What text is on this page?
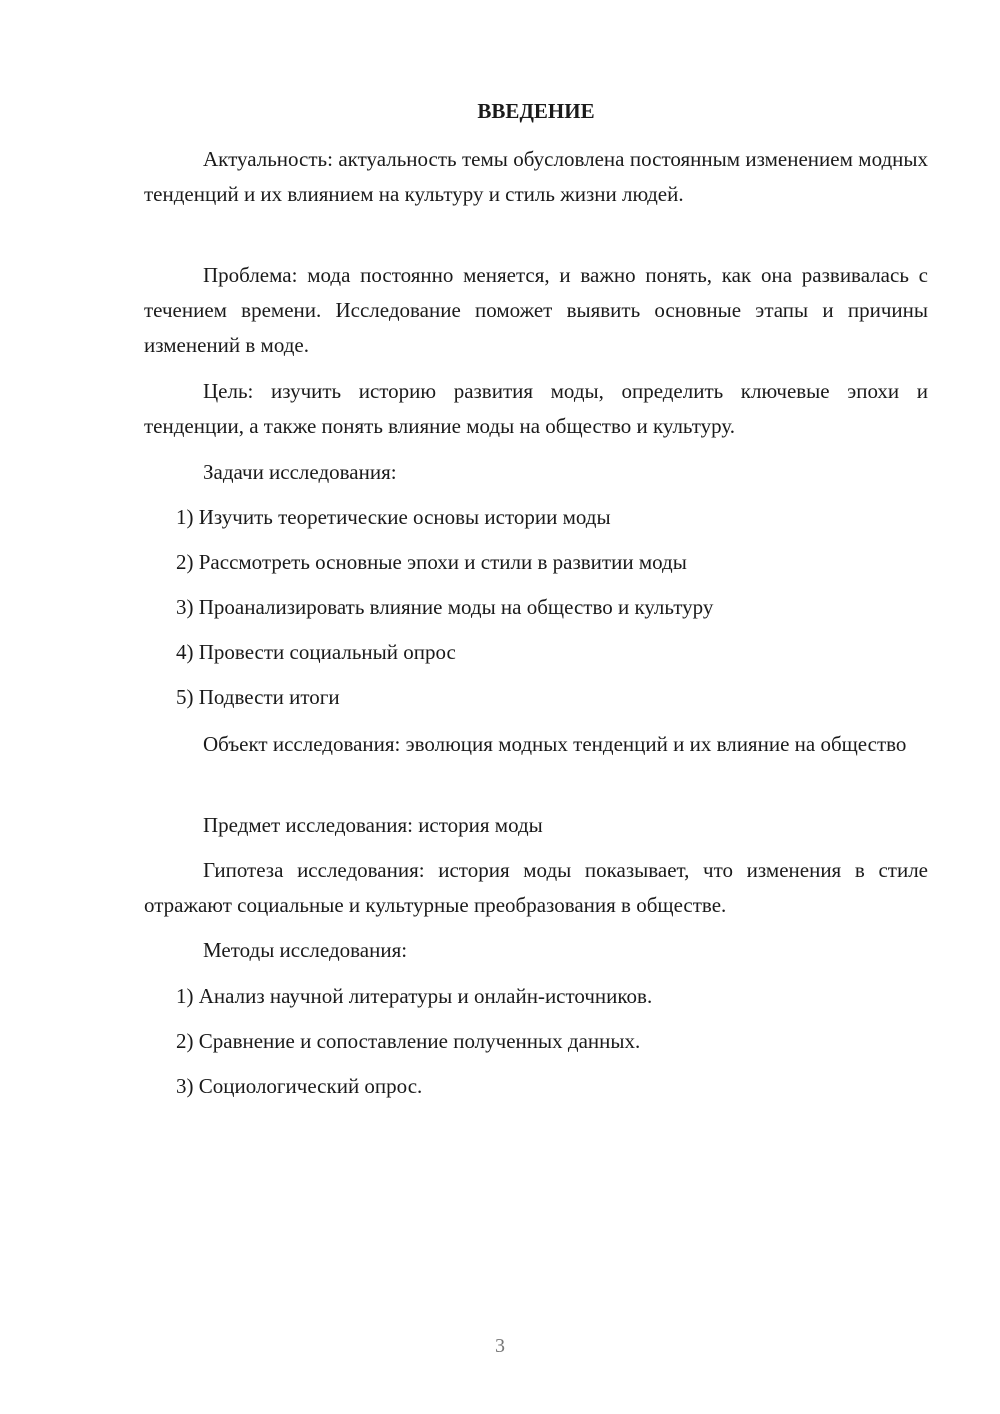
ВВЕДЕНИЕ

Актуальность: актуальность темы обусловлена постоянным изменением модных тенденций и их влиянием на культуру и стиль жизни людей.

Проблема: мода постоянно меняется, и важно понять, как она развивалась с течением времени. Исследование поможет выявить основные этапы и причины изменений в моде.

Цель: изучить историю развития моды, определить ключевые эпохи и тенденции, а также понять влияние моды на общество и культуру.

Задачи исследования:

1) Изучить теоретические основы истории моды

2) Рассмотреть основные эпохи и стили в развитии моды

3) Проанализировать влияние моды на общество и культуру

4) Провести социальный опрос

5) Подвести итоги

Объект исследования: эволюция модных тенденций и их влияние на общество

Предмет исследования: история моды

Гипотеза исследования: история моды показывает, что изменения в стиле отражают социальные и культурные преобразования в обществе.

Методы исследования:

1) Анализ научной литературы и онлайн-источников.

2) Сравнение и сопоставление полученных данных.

3) Социологический опрос.

3
